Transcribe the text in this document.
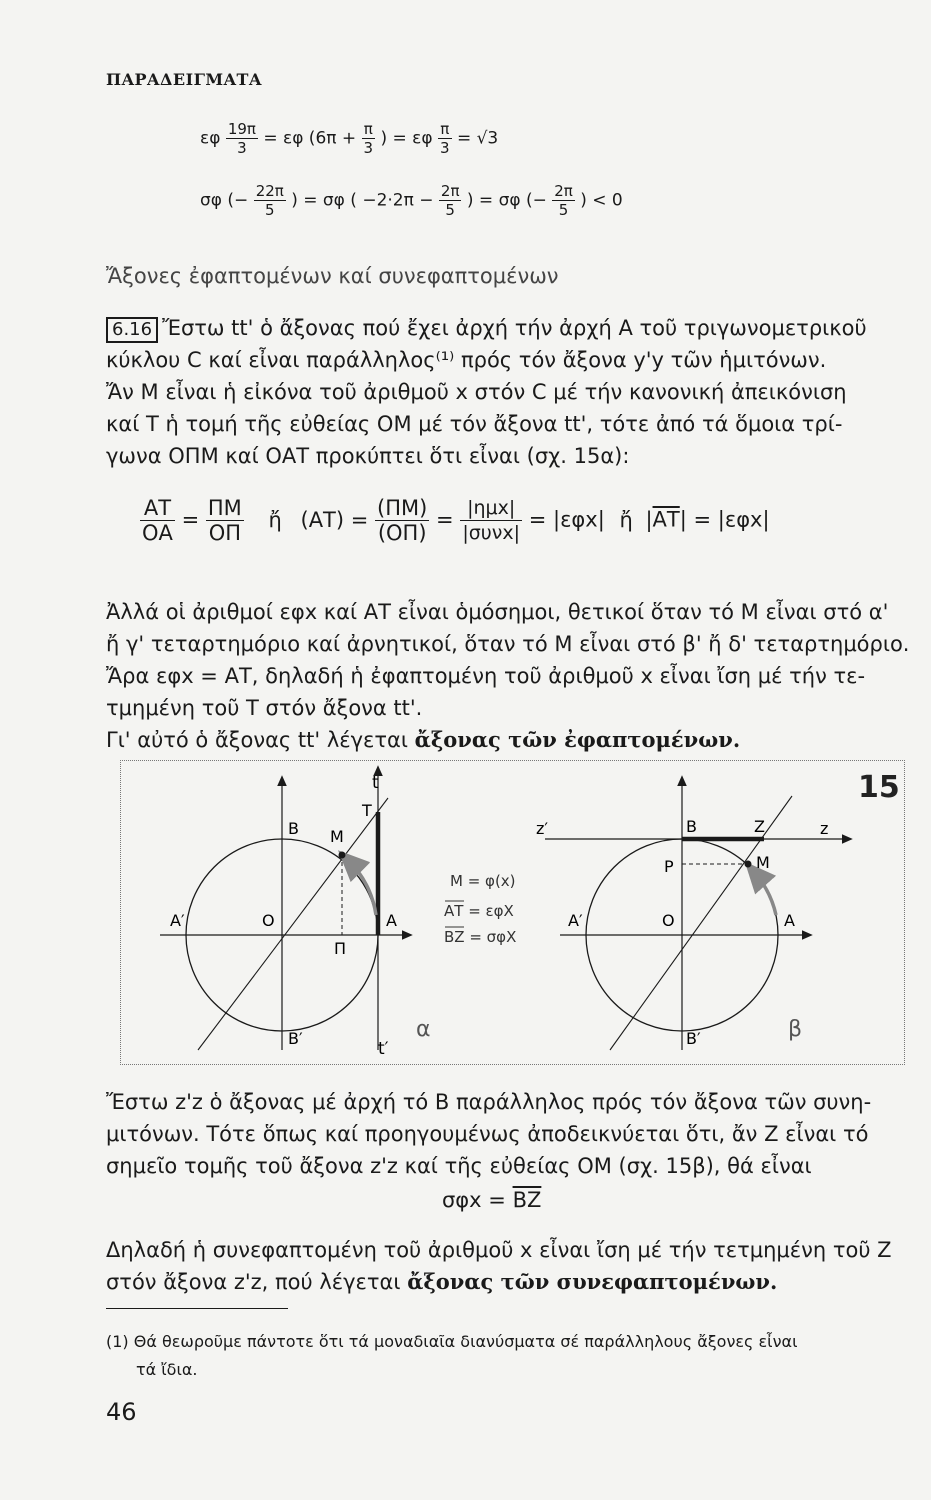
ΠΑΡΑΔΕΙΓΜΑΤΑ
εφ $\frac{19\pi}{3} = \varepsilon\varphi$ ($6\pi + \frac{\pi}{3}$ ) = εφ $\frac{\pi}{3} = √3$
σφ (− $\frac{22\pi}{5}$ ) = σφ ( $-2\cdot 2\pi - \frac{2\pi}{5}$ ) = σφ (− $\frac{2\pi}{5}$ ) < 0
Ἄξονες ἐφαπτομένων καί συνεφαπτομένων
6.16 Ἔστω tt' ὁ ἄξονας πού ἔχει ἀρχή τήν ἀρχή Α τοῦ τριγωνομετρικοῦ
κύκλου C καί εἶναι παράλληλος⁽¹⁾ πρός τόν ἄξονα y'y τῶν ἡμιτόνων.
Ἄν Μ εἶναι ἡ εἰκόνα τοῦ ἀριθμοῦ x στόν C μέ τήν κανονική ἀπεικόνιση
καί Τ ἡ τομή τῆς εὐθείας ΟΜ μέ τόν ἄξονα tt', τότε ἀπό τά ὅμοια τρί-
γωνα ΟΠΜ καί ΟΑΤ προκύπτει ὅτι εἶναι (σχ. 15α):
$\frac{AT}{OA} = \frac{\Pi M}{O\Pi}$ ἤ $(AT) = \frac{(\Pi M)}{(O\Pi)} = \frac{\text{|ημx|}}{\text{|συνx|}} = |\varepsilon\varphi x|$ ἤ $|\overline{AT}| = |\varepsilon\varphi x|$
Ἀλλά οἱ ἀριθμοί εφx καί ΑΤ εἶναι ὁμόσημοι, θετικοί ὅταν τό Μ εἶναι στό α'
ἤ γ' τεταρτημόριο καί ἀρνητικοί, ὅταν τό Μ εἶναι στό β' ἤ δ' τεταρτημόριο.
Ἄρα εφx = ΑΤ, δηλαδή ἡ ἐφαπτομένη τοῦ ἀριθμοῦ x εἶναι ἴση μέ τήν τε-
τμημένη τοῦ Τ στόν ἄξονα tt'.
Γι' αὐτό ὁ ἄξονας tt' λέγεται ἄξονας τῶν ἐφαπτομένων.
15
t
T
B M
A′	O	A
Π
B′
t′
α
M = φ(x)
ΑΤ = εφX
ΒΖ = σφX
z′	B	Z	z
P	M
A′	O	A
B′	β
Ἔστω z'z ὁ ἄξονας μέ ἀρχή τό Β παράλληλος πρός τόν ἄξονα τῶν συνη-
μιτόνων. Τότε ὅπως καί προηγουμένως ἀποδεικνύεται ὅτι, ἄν Ζ εἶναι τό
σημεῖο τομῆς τοῦ ἄξονα z'z καί τῆς εὐθείας ΟΜ (σχ. 15β), θά εἶναι
$\sigma\varphi x = \overline{BZ}$
Δηλαδή ἡ συνεφαπτομένη τοῦ ἀριθμοῦ x εἶναι ἴση μέ τήν τετμημένη τοῦ Ζ
στόν ἄξονα z'z, πού λέγεται ἄξονας τῶν συνεφαπτομένων.
(1) Θά θεωροῦμε πάντοτε ὅτι τά μοναδιαῖα διανύσματα σέ παράλληλους ἄξονες εἶναι
τά ἴδια.
46
